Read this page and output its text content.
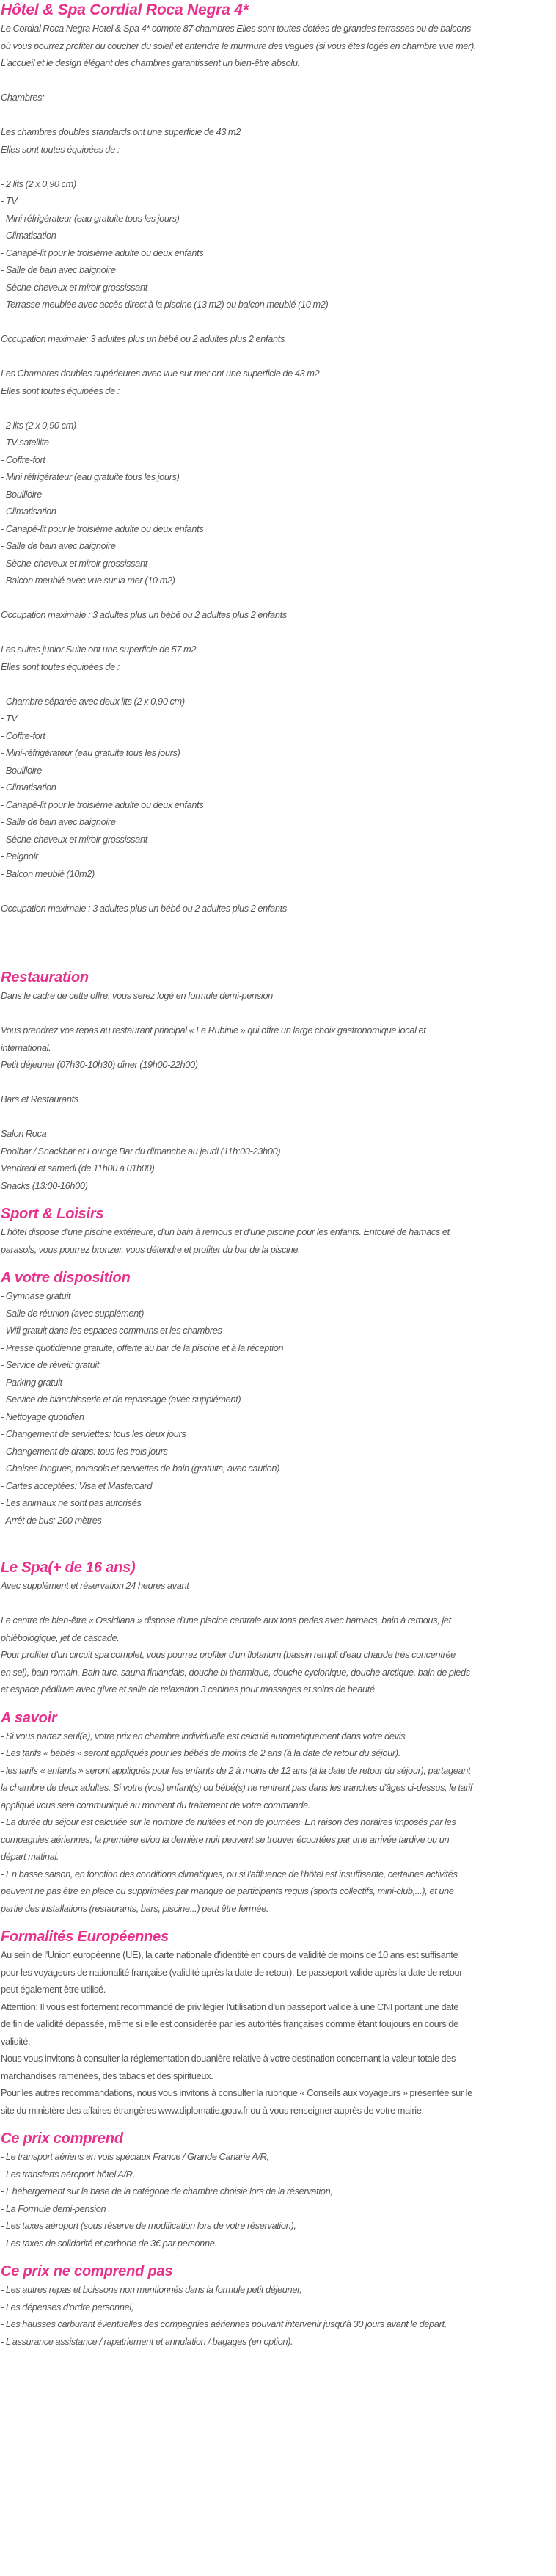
Hôtel & Spa Cordial Roca Negra 4*

Le Cordial Roca Negra Hotel & Spa 4* compte 87 chambres Elles sont toutes dotées de grandes terrasses ou de balcons

où vous pourrez profiter du coucher du soleil et entendre le murmure des vagues (si vous êtes logés en chambre vue mer).

L'accueil et le design élégant des chambres garantissent un bien-être absolu.

Chambres:

Les chambres doubles standards ont une superficie de 43 m2

Elles sont toutes équipées de :

- 2 lits (2 x 0,90 cm)

- TV

- Mini réfrigérateur (eau gratuite tous les jours)

- Climatisation

- Canapé-lit pour le troisième adulte ou deux enfants

- Salle de bain avec baignoire

- Sèche-cheveux et miroir grossissant

- Terrasse meublée avec accès direct à la piscine (13 m2) ou balcon meublé (10 m2)

Occupation maximale: 3 adultes plus un bébé ou 2 adultes plus 2 enfants

Les Chambres doubles supérieures avec vue sur mer ont une superficie de 43 m2

Elles sont toutes équipées de :

- 2 lits (2 x 0,90 cm)

- TV satellite

- Coffre-fort

- Mini réfrigérateur (eau gratuite tous les jours)

- Bouilloire

- Climatisation

- Canapé-lit pour le troisième adulte ou deux enfants

- Salle de bain avec baignoire

- Sèche-cheveux et miroir grossissant

- Balcon meublé avec vue sur la mer (10 m2)

Occupation maximale : 3 adultes plus un bébé ou 2 adultes plus 2 enfants

Les suites junior Suite ont une superficie de 57 m2

Elles sont toutes équipées de :

- Chambre séparée avec deux lits (2 x 0,90 cm)

- TV

- Coffre-fort

- Mini-réfrigérateur (eau gratuite tous les jours)

- Bouilloire

- Climatisation

- Canapé-lit pour le troisième adulte ou deux enfants

- Salle de bain avec baignoire

- Sèche-cheveux et miroir grossissant

- Peignoir

- Balcon meublé (10m2)

Occupation maximale : 3 adultes plus un bébé ou 2 adultes plus 2 enfants

Restauration

Dans le cadre de cette offre, vous serez logé en formule demi-pension

Vous prendrez vos repas au restaurant principal « Le Rubinie » qui offre un large choix gastronomique local et

international.

Petit déjeuner (07h30-10h30) dîner (19h00-22h00)

Bars et Restaurants

Salon Roca

Poolbar / Snackbar et Lounge Bar du dimanche au jeudi (11h:00-23h00)

Vendredi et samedi (de 11h00 à 01h00)

Snacks (13:00-16h00)

Sport & Loisirs

L'hôtel dispose d'une piscine extérieure, d'un bain à remous et d'une piscine pour les enfants. Entouré de hamacs et

parasols, vous pourrez bronzer, vous détendre et profiter du bar de la piscine.

A votre disposition

- Gymnase gratuit

- Salle de réunion (avec supplément)

- Wifi gratuit dans les espaces communs et les chambres

- Presse quotidienne gratuite, offerte au bar de la piscine et à la réception

- Service de réveil: gratuit

- Parking gratuit

- Service de blanchisserie et de repassage (avec supplément)

- Nettoyage quotidien

- Changement de serviettes: tous les deux jours

- Changement de draps: tous les trois jours

- Chaises longues, parasols et serviettes de bain (gratuits, avec caution)

- Cartes acceptées: Visa et Mastercard

- Les animaux ne sont pas autorisés

- Arrêt de bus: 200 mètres

Le Spa(+ de 16 ans)

Avec supplément et réservation 24 heures avant

Le centre de bien-être « Ossidiana » dispose d'une piscine centrale aux tons perles avec hamacs, bain à remous, jet

phlébologique, jet de cascade.

Pour profiter d'un circuit spa complet, vous pourrez profiter d'un flotarium (bassin rempli d'eau chaude très concentrée

en sel), bain romain, Bain turc, sauna finlandais, douche bi thermique, douche cyclonique, douche arctique, bain de pieds

et espace pédiluve avec gîvre et salle de relaxation 3 cabines pour massages et soins de beauté

A savoir

- Si vous partez seul(e), votre prix en chambre individuelle est calculé automatiquement dans votre devis.

- Les tarifs « bébés » seront appliqués pour les bébés de moins de 2 ans (à la date de retour du séjour).

- les tarifs « enfants » seront appliqués pour les enfants de 2 à moins de 12 ans (à la date de retour du séjour), partageant

la chambre de deux adultes. Si votre (vos) enfant(s) ou bébé(s) ne rentrent pas dans les tranches d'âges ci-dessus, le tarif

appliqué vous sera communiqué au moment du traitement de votre commande.

- La durée du séjour est calculée sur le nombre de nuitées et non de journées. En raison des horaires imposés par les

compagnies aériennes, la première et/ou la dernière nuit peuvent se trouver écourtées par une arrivée tardive ou un

départ matinal.

- En basse saison, en fonction des conditions climatiques, ou si l'affluence de l'hôtel est insuffisante, certaines activités

peuvent ne pas être en place ou supprimées par manque de participants requis (sports collectifs, mini-club,...), et une

partie des installations (restaurants, bars, piscine...) peut être fermée.

Formalités Européennes

Au sein de l'Union européenne (UE), la carte nationale d'identité en cours de validité de moins de 10 ans est suffisante

pour les voyageurs de nationalité française (validité après la date de retour). Le passeport valide après la date de retour

peut également être utilisé.

Attention: Il vous est fortement recommandé de privilégier l'utilisation d'un passeport valide à une CNI portant une date

de fin de validité dépassée, même si elle est considérée par les autorités françaises comme étant toujours en cours de

validité.

Nous vous invitons à consulter la réglementation douanière relative à votre destination concernant la valeur totale des

marchandises ramenées, des tabacs et des spiritueux.

Pour les autres recommandations, nous vous invitons à consulter la rubrique « Conseils aux voyageurs » présentée sur le

site du ministère des affaires étrangères www.diplomatie.gouv.fr ou à vous renseigner auprès de votre mairie.

Ce prix comprend

- Le transport aériens en vols spéciaux France / Grande Canarie A/R,

- Les transferts aéroport-hôtel A/R,

- L'hébergement sur la base de la catégorie de chambre choisie lors de la réservation,

- La Formule demi-pension ,

- Les taxes aéroport (sous réserve de modification lors de votre réservation),

- Les taxes de solidarité et carbone de 3€ par personne.

Ce prix ne comprend pas

- Les autres repas et boissons non mentionnés dans la formule petit déjeuner,

- Les dépenses d'ordre personnel,

- Les hausses carburant éventuelles des compagnies aériennes pouvant intervenir jusqu'à 30 jours avant le départ,

- L'assurance assistance / rapatriement et annulation / bagages (en option).
